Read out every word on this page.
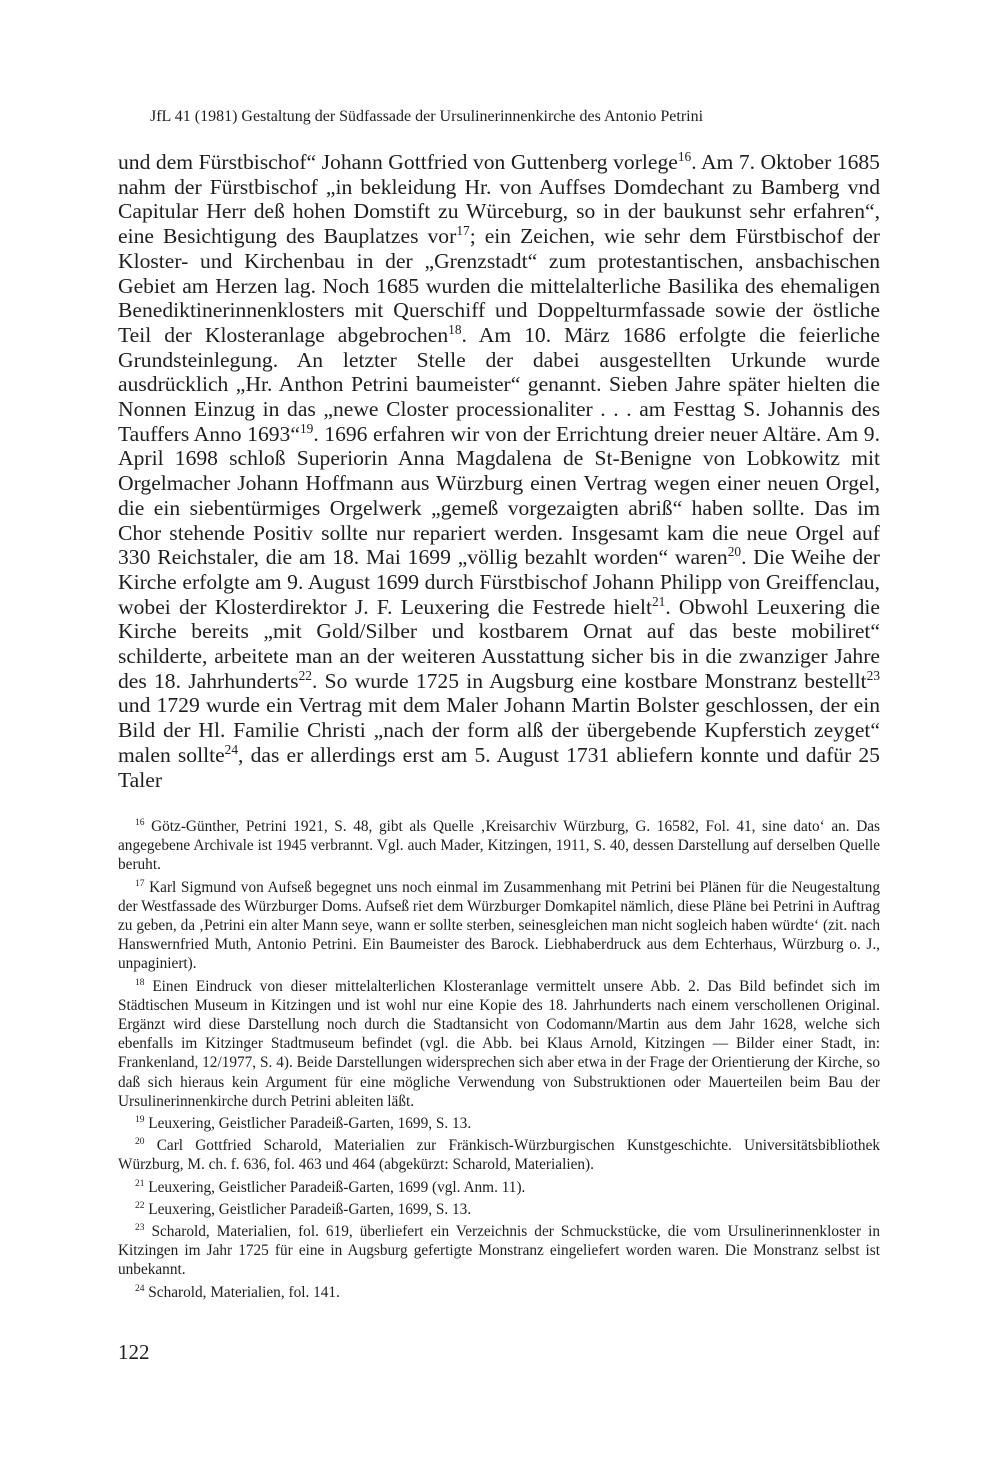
JfL 41 (1981) Gestaltung der Südfassade der Ursulinerinnenkirche des Antonio Petrini

und dem Fürstbischof“ Johann Gottfried von Guttenberg vorlege$^{16}$. Am 7. Oktober 1685 nahm der Fürstbischof „in bekleidung Hr. von Auffses Domdechant zu Bamberg vnd Capitular Herr deß hohen Domstift zu Würceburg, so in der baukunst sehr erfahren“, eine Besichtigung des Bauplatzes vor$^{17}$; ein Zeichen, wie sehr dem Fürstbischof der Kloster- und Kirchenbau in der „Grenzstadt“ zum protestantischen, ansbachischen Gebiet am Herzen lag. Noch 1685 wurden die mittelalterliche Basilika des ehemaligen Benediktinerinnenklosters mit Querschiff und Doppelturmfassade sowie der östliche Teil der Klosteranlage abgebrochen$^{18}$. Am 10. März 1686 erfolgte die feierliche Grundsteinlegung. An letzter Stelle der dabei ausgestellten Urkunde wurde ausdrücklich „Hr. Anthon Petrini baumeister“ genannt. Sieben Jahre später hielten die Nonnen Einzug in das „newe Closter processionaliter . . . am Festtag S. Johannis des Tauffers Anno 1693“$^{19}$. 1696 erfahren wir von der Errichtung dreier neuer Altäre. Am 9. April 1698 schloß Superiorin Anna Magdalena de St-Benigne von Lobkowitz mit Orgelmacher Johann Hoffmann aus Würzburg einen Vertrag wegen einer neuen Orgel, die ein siebentürmiges Orgelwerk „gemeß vorgezaigten abriß“ haben sollte. Das im Chor stehende Positiv sollte nur repariert werden. Insgesamt kam die neue Orgel auf 330 Reichstaler, die am 18. Mai 1699 „völlig bezahlt worden“ waren$^{20}$. Die Weihe der Kirche erfolgte am 9. August 1699 durch Fürstbischof Johann Philipp von Greiffenclau, wobei der Klosterdirektor J. F. Leuxering die Festrede hielt$^{21}$. Obwohl Leuxering die Kirche bereits „mit Gold/Silber und kostbarem Ornat auf das beste mobiliret“ schilderte, arbeitete man an der weiteren Ausstattung sicher bis in die zwanziger Jahre des 18. Jahrhunderts$^{22}$. So wurde 1725 in Augsburg eine kostbare Monstranz bestellt$^{23}$ und 1729 wurde ein Vertrag mit dem Maler Johann Martin Bolster geschlossen, der ein Bild der Hl. Familie Christi „nach der form alß der übergebende Kupferstich zeyget“ malen sollte$^{24}$, das er allerdings erst am 5. August 1731 abliefern konnte und dafür 25 Taler

$^{16}$ Götz-Günther, Petrini 1921, S. 48, gibt als Quelle ‚Kreisarchiv Würzburg, G. 16582, Fol. 41, sine dato‘ an. Das angegebene Archivale ist 1945 verbrannt. Vgl. auch Mader, Kitzingen, 1911, S. 40, dessen Darstellung auf derselben Quelle beruht.

$^{17}$ Karl Sigmund von Aufseß begegnet uns noch einmal im Zusammenhang mit Petrini bei Plänen für die Neugestaltung der Westfassade des Würzburger Doms. Aufseß riet dem Würzburger Domkapitel nämlich, diese Pläne bei Petrini in Auftrag zu geben, da ‚Petrini ein alter Mann seye, wann er sollte sterben, seinesgleichen man nicht sogleich haben würdte‘ (zit. nach Hanswernfried Muth, Antonio Petrini. Ein Baumeister des Barock. Liebhaberdruck aus dem Echterhaus, Würzburg o. J., unpaginiert).

$^{18}$ Einen Eindruck von dieser mittelalterlichen Klosteranlage vermittelt unsere Abb. 2. Das Bild befindet sich im Städtischen Museum in Kitzingen und ist wohl nur eine Kopie des 18. Jahrhunderts nach einem verschollenen Original. Ergänzt wird diese Darstellung noch durch die Stadtansicht von Codomann/Martin aus dem Jahr 1628, welche sich ebenfalls im Kitzinger Stadtmuseum befindet (vgl. die Abb. bei Klaus Arnold, Kitzingen — Bilder einer Stadt, in: Frankenland, 12/1977, S. 4). Beide Darstellungen widersprechen sich aber etwa in der Frage der Orientierung der Kirche, so daß sich hieraus kein Argument für eine mögliche Verwendung von Substruktionen oder Mauerteilen beim Bau der Ursulinerinnenkirche durch Petrini ableiten läßt.

$^{19}$ Leuxering, Geistlicher Paradeiß-Garten, 1699, S. 13.

$^{20}$ Carl Gottfried Scharold, Materialien zur Fränkisch-Würzburgischen Kunstgeschichte. Universitätsbibliothek Würzburg, M. ch. f. 636, fol. 463 und 464 (abgekürzt: Scharold, Materialien).

$^{21}$ Leuxering, Geistlicher Paradeiß-Garten, 1699 (vgl. Anm. 11).

$^{22}$ Leuxering, Geistlicher Paradeiß-Garten, 1699, S. 13.

$^{23}$ Scharold, Materialien, fol. 619, überliefert ein Verzeichnis der Schmuckstücke, die vom Ursulinerinnenkloster in Kitzingen im Jahr 1725 für eine in Augsburg gefertigte Monstranz eingeliefert worden waren. Die Monstranz selbst ist unbekannt.

$^{24}$ Scharold, Materialien, fol. 141.

122
